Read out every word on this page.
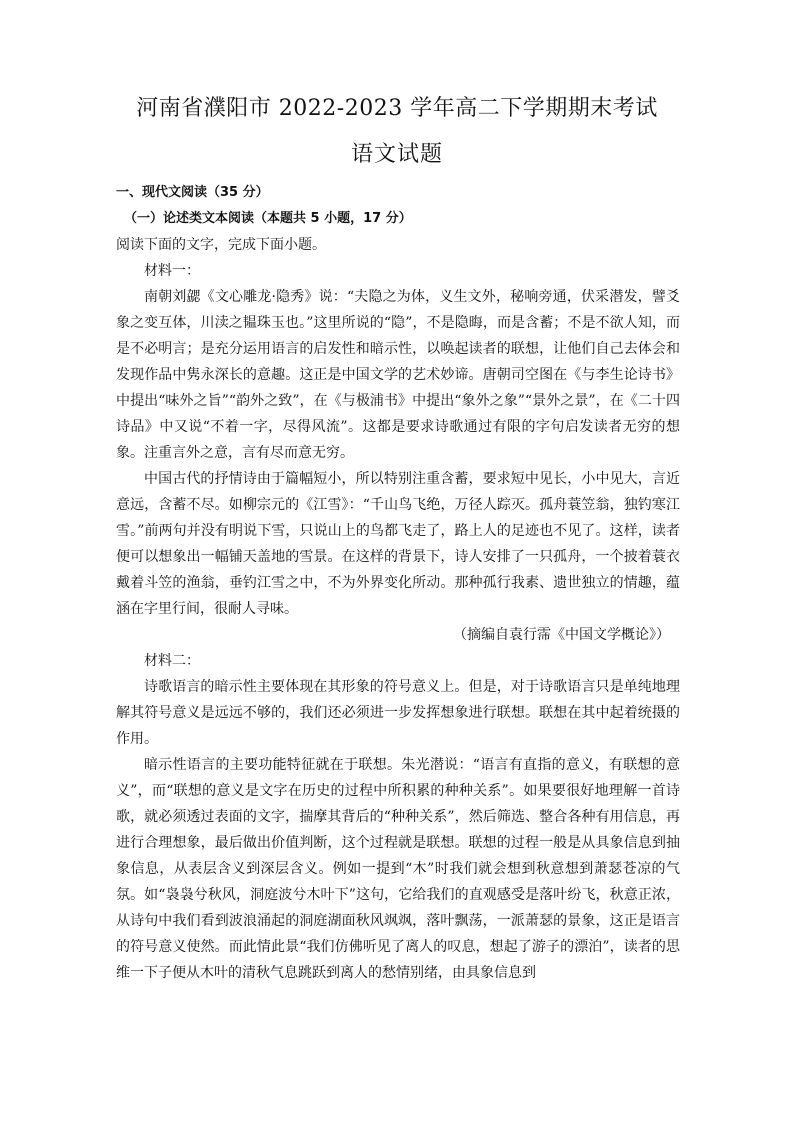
河南省濮阳市 2022-2023 学年高二下学期期末考试
语文试题

一、现代文阅读（35 分）

（一）论述类文本阅读（本题共 5 小题，17 分）

阅读下面的文字，完成下面小题。

材料一：

南朝刘勰《文心雕龙·隐秀》说：“夫隐之为体，义生文外，秘响旁通，伏采潜发，譬爻象之变互体，川渎之韫珠玉也。”这里所说的“隐”，不是隐晦，而是含蓄；不是不欲人知，而是不必明言；是充分运用语言的启发性和暗示性，以唤起读者的联想，让他们自己去体会和发现作品中隽永深长的意趣。这正是中国文学的艺术妙谛。唐朝司空图在《与李生论诗书》中提出“味外之旨”“韵外之致”，在《与极浦书》中提出“象外之象”“景外之景”，在《二十四诗品》中又说“不着一字，尽得风流”。这都是要求诗歌通过有限的字句启发读者无穷的想象。注重言外之意，言有尽而意无穷。

中国古代的抒情诗由于篇幅短小，所以特别注重含蓄，要求短中见长，小中见大，言近意远，含蓄不尽。如柳宗元的《江雪》：“千山鸟飞绝，万径人踪灭。孤舟蓑笠翁，独钓寒江雪。”前两句并没有明说下雪，只说山上的鸟都飞走了，路上人的足迹也不见了。这样，读者便可以想象出一幅铺天盖地的雪景。在这样的背景下，诗人安排了一只孤舟，一个披着蓑衣戴着斗笠的渔翁，垂钓江雪之中，不为外界变化所动。那种孤行我素、遗世独立的情趣，蕴涵在字里行间，很耐人寻味。

（摘编自袁行霈《中国文学概论》）

材料二：

诗歌语言的暗示性主要体现在其形象的符号意义上。但是，对于诗歌语言只是单纯地理解其符号意义是远远不够的，我们还必须进一步发挥想象进行联想。联想在其中起着统摄的作用。

暗示性语言的主要功能特征就在于联想。朱光潜说：“语言有直指的意义，有联想的意义”，而“联想的意义是文字在历史的过程中所积累的种种关系”。如果要很好地理解一首诗歌，就必须透过表面的文字，揣摩其背后的“种种关系”，然后筛选、整合各种有用信息，再进行合理想象，最后做出价值判断，这个过程就是联想。联想的过程一般是从具象信息到抽象信息，从表层含义到深层含义。例如一提到“木”时我们就会想到秋意想到萧瑟苍凉的气氛。如“袅袅兮秋风，洞庭波兮木叶下”这句，它给我们的直观感受是落叶纷飞，秋意正浓，从诗句中我们看到波浪涌起的洞庭湖面秋风飒飒，落叶飘荡，一派萧瑟的景象，这正是语言的符号意义使然。而此情此景“我们仿佛听见了离人的叹息，想起了游子的漂泊”，读者的思维一下子便从木叶的清秋气息跳跃到离人的愁情别绪，由具象信息到
